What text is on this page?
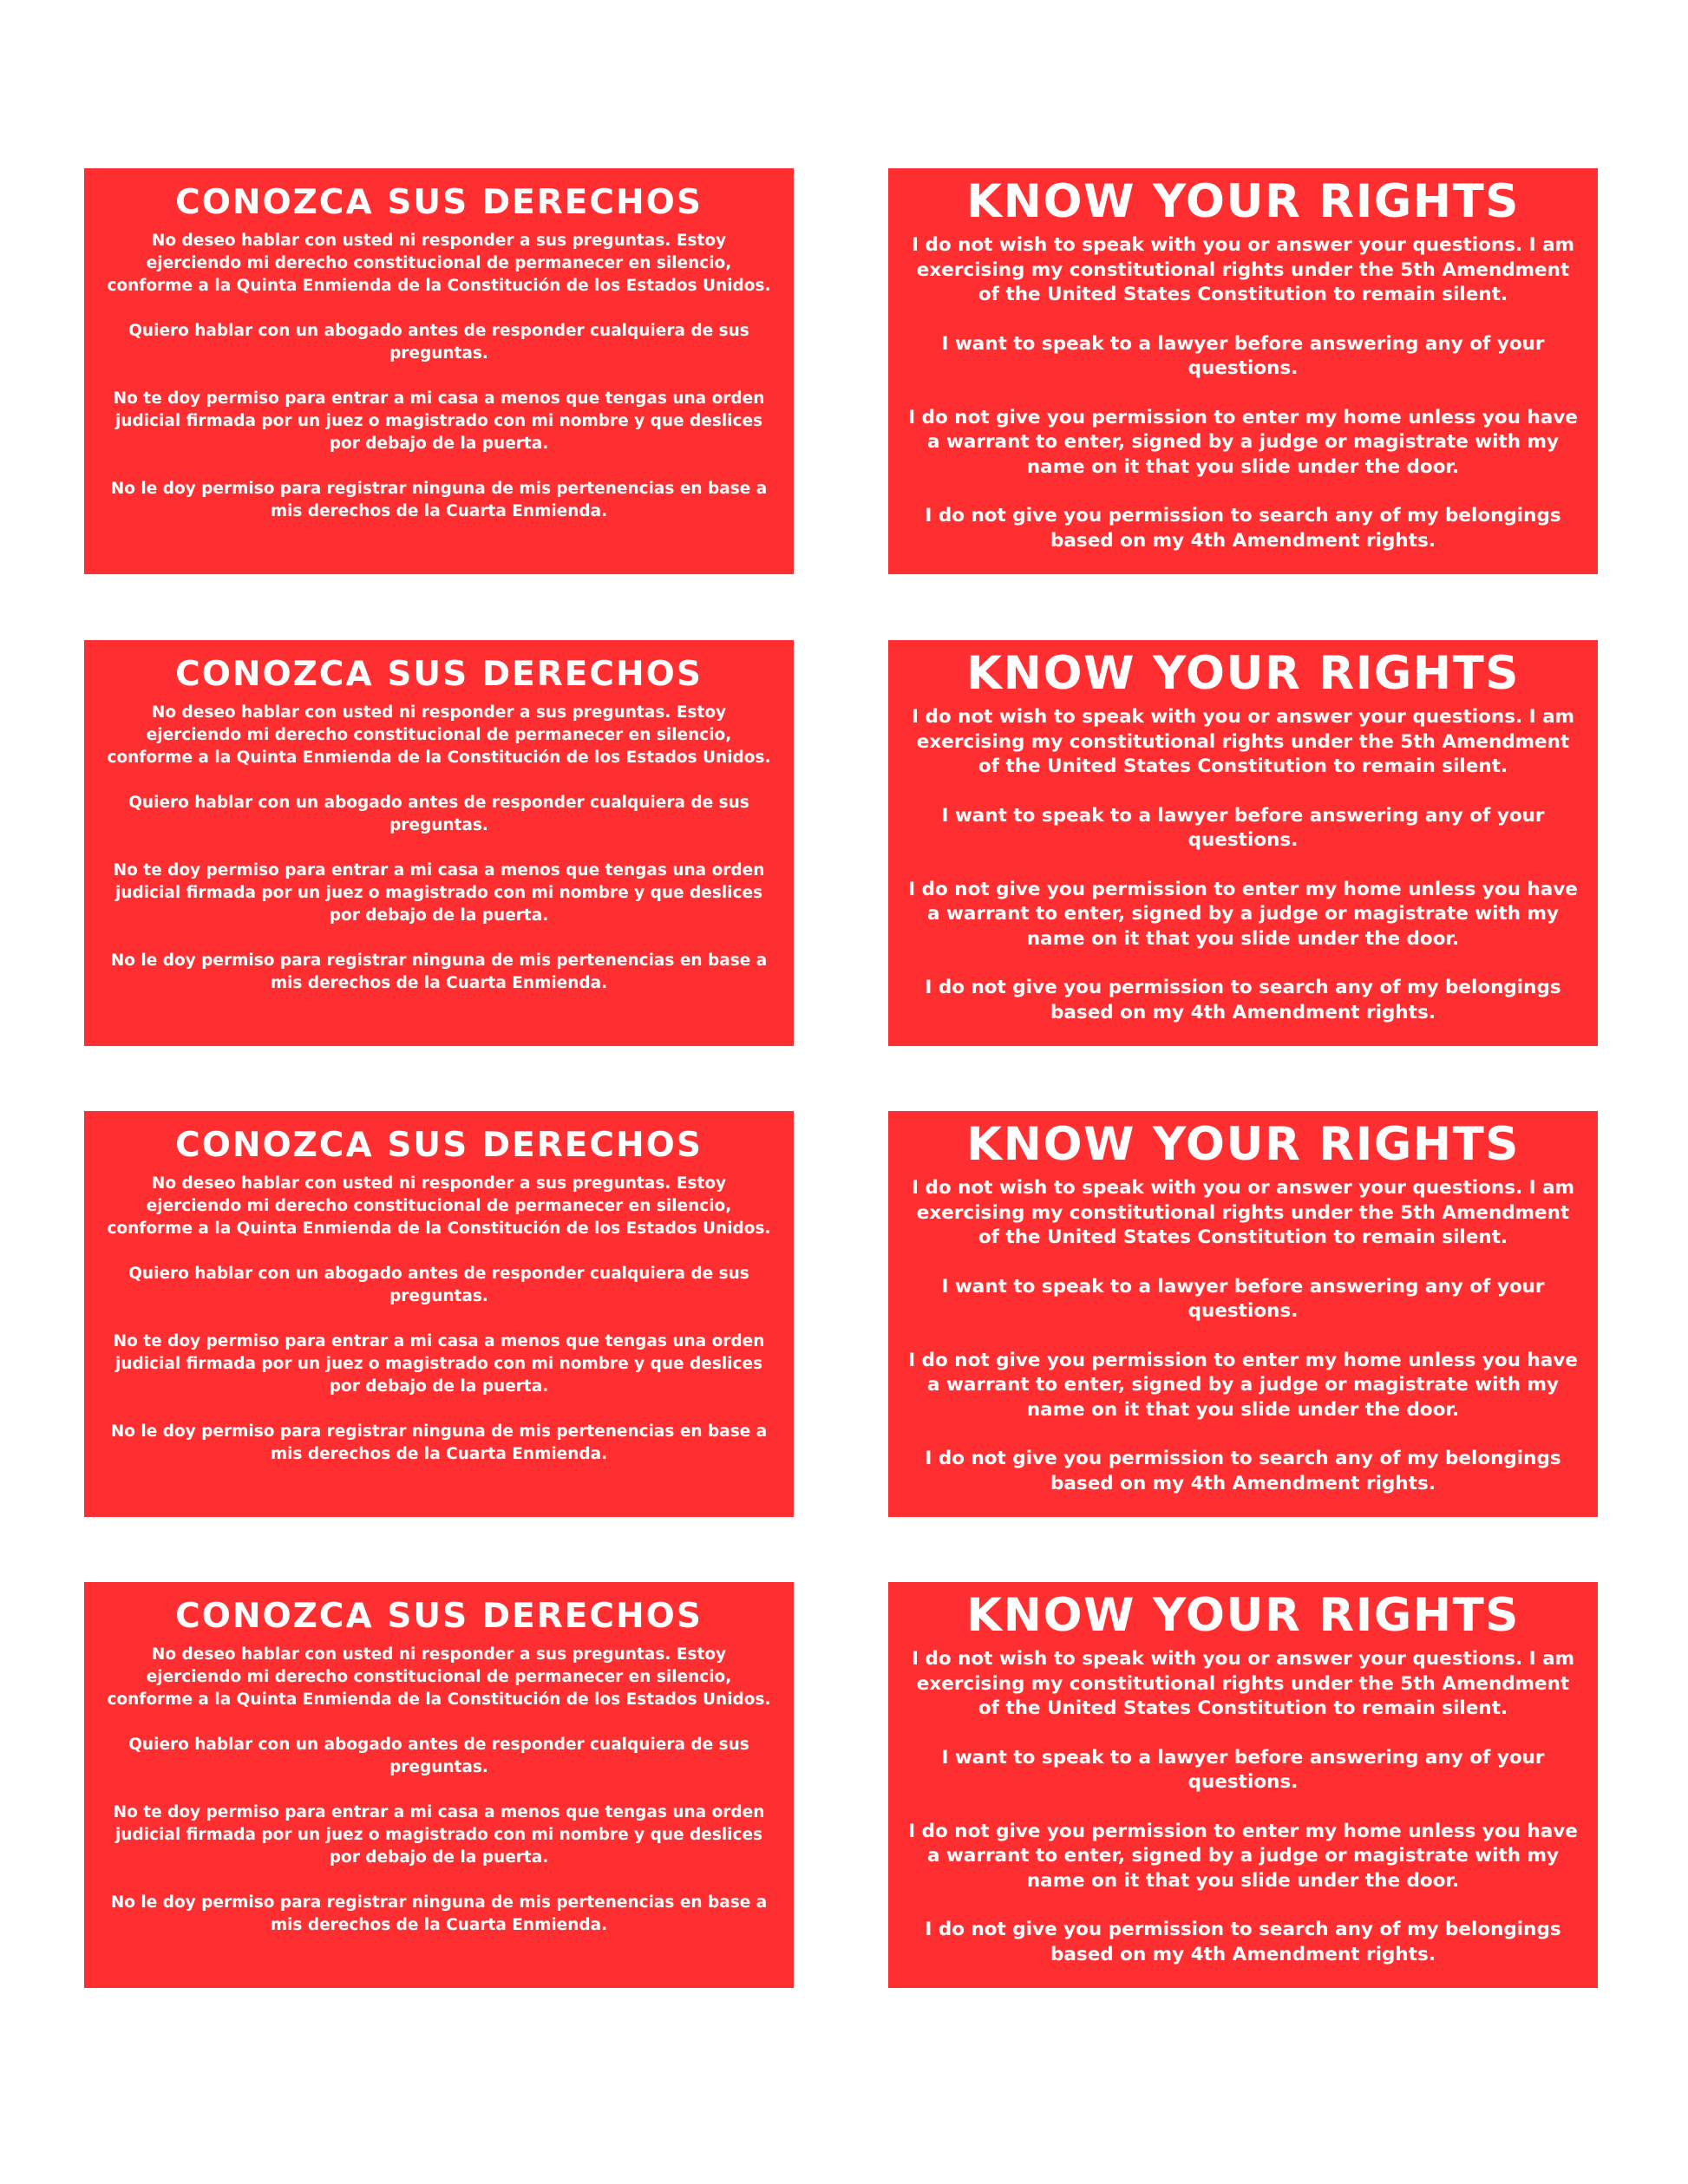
CONOZCA SUS DERECHOS

No deseo hablar con usted ni responder a sus preguntas. Estoy ejerciendo mi derecho constitucional de permanecer en silencio, conforme a la Quinta Enmienda de la Constitución de los Estados Unidos.

Quiero hablar con un abogado antes de responder cualquiera de sus preguntas.

No te doy permiso para entrar a mi casa a menos que tengas una orden judicial firmada por un juez o magistrado con mi nombre y que deslices por debajo de la puerta.

No le doy permiso para registrar ninguna de mis pertenencias en base a mis derechos de la Cuarta Enmienda.

KNOW YOUR RIGHTS

I do not wish to speak with you or answer your questions. I am exercising my constitutional rights under the 5th Amendment of the United States Constitution to remain silent.

I want to speak to a lawyer before answering any of your questions.

I do not give you permission to enter my home unless you have a warrant to enter, signed by a judge or magistrate with my name on it that you slide under the door.

I do not give you permission to search any of my belongings based on my 4th Amendment rights.

CONOZCA SUS DERECHOS

No deseo hablar con usted ni responder a sus preguntas. Estoy ejerciendo mi derecho constitucional de permanecer en silencio, conforme a la Quinta Enmienda de la Constitución de los Estados Unidos.

Quiero hablar con un abogado antes de responder cualquiera de sus preguntas.

No te doy permiso para entrar a mi casa a menos que tengas una orden judicial firmada por un juez o magistrado con mi nombre y que deslices por debajo de la puerta.

No le doy permiso para registrar ninguna de mis pertenencias en base a mis derechos de la Cuarta Enmienda.

KNOW YOUR RIGHTS

I do not wish to speak with you or answer your questions. I am exercising my constitutional rights under the 5th Amendment of the United States Constitution to remain silent.

I want to speak to a lawyer before answering any of your questions.

I do not give you permission to enter my home unless you have a warrant to enter, signed by a judge or magistrate with my name on it that you slide under the door.

I do not give you permission to search any of my belongings based on my 4th Amendment rights.

CONOZCA SUS DERECHOS

No deseo hablar con usted ni responder a sus preguntas. Estoy ejerciendo mi derecho constitucional de permanecer en silencio, conforme a la Quinta Enmienda de la Constitución de los Estados Unidos.

Quiero hablar con un abogado antes de responder cualquiera de sus preguntas.

No te doy permiso para entrar a mi casa a menos que tengas una orden judicial firmada por un juez o magistrado con mi nombre y que deslices por debajo de la puerta.

No le doy permiso para registrar ninguna de mis pertenencias en base a mis derechos de la Cuarta Enmienda.

KNOW YOUR RIGHTS

I do not wish to speak with you or answer your questions. I am exercising my constitutional rights under the 5th Amendment of the United States Constitution to remain silent.

I want to speak to a lawyer before answering any of your questions.

I do not give you permission to enter my home unless you have a warrant to enter, signed by a judge or magistrate with my name on it that you slide under the door.

I do not give you permission to search any of my belongings based on my 4th Amendment rights.

CONOZCA SUS DERECHOS

No deseo hablar con usted ni responder a sus preguntas. Estoy ejerciendo mi derecho constitucional de permanecer en silencio, conforme a la Quinta Enmienda de la Constitución de los Estados Unidos.

Quiero hablar con un abogado antes de responder cualquiera de sus preguntas.

No te doy permiso para entrar a mi casa a menos que tengas una orden judicial firmada por un juez o magistrado con mi nombre y que deslices por debajo de la puerta.

No le doy permiso para registrar ninguna de mis pertenencias en base a mis derechos de la Cuarta Enmienda.

KNOW YOUR RIGHTS

I do not wish to speak with you or answer your questions. I am exercising my constitutional rights under the 5th Amendment of the United States Constitution to remain silent.

I want to speak to a lawyer before answering any of your questions.

I do not give you permission to enter my home unless you have a warrant to enter, signed by a judge or magistrate with my name on it that you slide under the door.

I do not give you permission to search any of my belongings based on my 4th Amendment rights.
